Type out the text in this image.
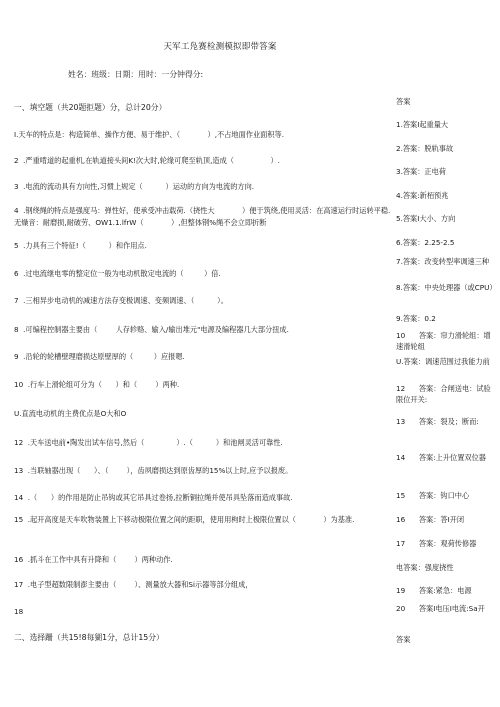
天军工凫赛检测模拟即带答案
姓名：班级：日期：用时：一分钟得分:
一、填空题（共20题拒题）分，总计20分）
I.天车的特点是：构造简单、操作方便、易于维护、（            ）,不占地面作业面积等.
2  .严重啃道的起重机,在轨道接头间K!次大时,轮缘可爬至轨顶,造成（                ）.
3  .电流的流动具有方向性,习惯上规定（          ）运动的方向为电流的方向.
4  .钢绕绳的特点是强度马：弹性好，使承受冲击载荷.（挠性大            ）便于筑绕,使用灵活：在高速运行时运转平稳.无燥音：耐磨损,耐破劳、OW1.1.lfrW（            ）,但整体钢%绳不会立即折断
5  .力具有三个特征!（          ）和作用点.
6  .过电流继电零的整定位一般为电动机散定电流的（         ）倍.
7  .三相异步电动机的减速方法存变极调速、变频调速、（          ）。
8  .可编程控制器主要由（        人存轸赂、输入/输出堆元"电源及编程器几大部分扭成.
9  .沿轮的轮槽壁理磨损达原壁厚的（         ）应报嗯.
10  .行车上滑轮组可分为（      ）和（        ）两种.
U.直流电动机的主费优点是O大和O
12  .天车送电前•陶发出试车信号,然后（              ）.（          ）和池闸灵活可靠性.
13  .当联轴器出现（      ）、（        ），齿夙磨损达到原齿厚的15%以上时,应予以报废。
14  .（      ）的作用是防止吊钩或其它吊具过卷扬,拉断铜拉绳并使吊具坠落而造成事故.
15  .起开高度是天车吹物装置上下移动极限位置之间的距职，使用用枸时上极限位置以（            ）为基准.
16  .抓斗在工作中具有升降和（        ）两种动作.
17  .电子型超数限制澎主要由（        ）、测量放大器和Si示器等部分组成，
18
二、选择跚（共15!8每猢1分，总计15分）
答案
1.答案I起重量大
2.答案：脱轨事故
3.答案：正电荷
4.答案:新栢预兆
5.答案I大小、方向
6.答案：2.25-2.5
7.答案：改变转型率调速三种
8.答案：中央处理器（或CPU）
9.答案：0.2
10      答案：帘力滑轮组：增速滑轮组
U.答案：调速范围过我能力前
12      答案：合闸送电：试验限位开关:
13      答案：裂及；断而:
14      答案:上升位置双位器
15      答案：钩口中心
16      答案：答I开闭
17      答案：观荷传修器
电答案：强度挠性
19      答案:紧急：电源
20      答案I电压I电流:Sa开
答案
